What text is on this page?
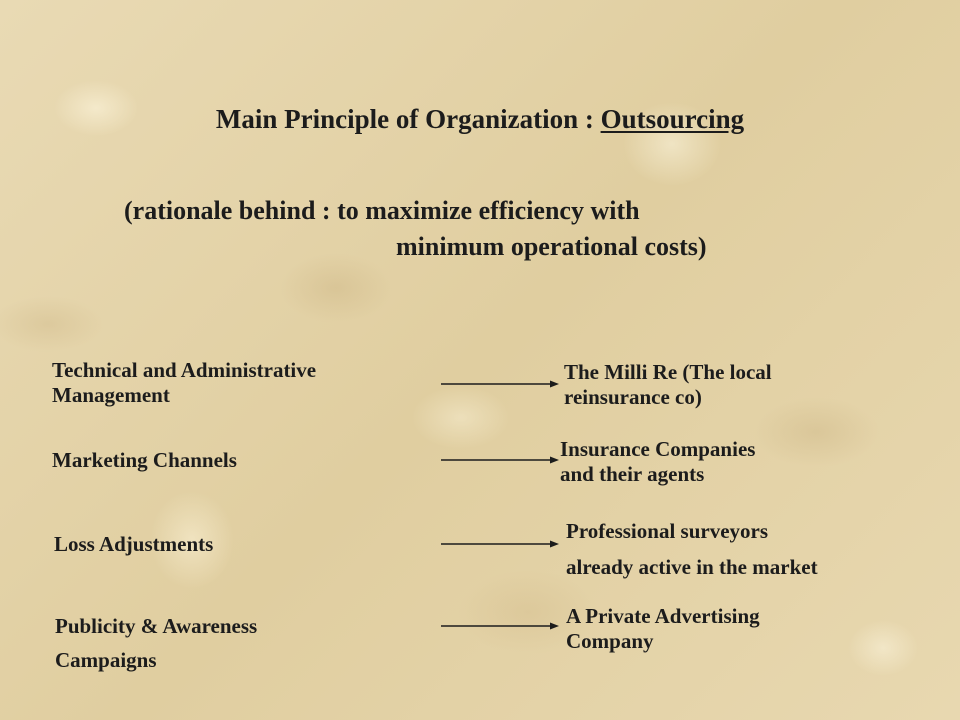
Main Principle of Organization : Outsourcing
(rationale behind : to maximize efficiency with
minimum operational costs)
Technical and Administrative
Management
The Milli Re (The local
reinsurance co)
Marketing Channels	Insurance Companies
and their agents
Loss Adjustments
Professional surveyors
already active in the market
Publicity & Awareness
Campaigns
A Private Advertising
Company
